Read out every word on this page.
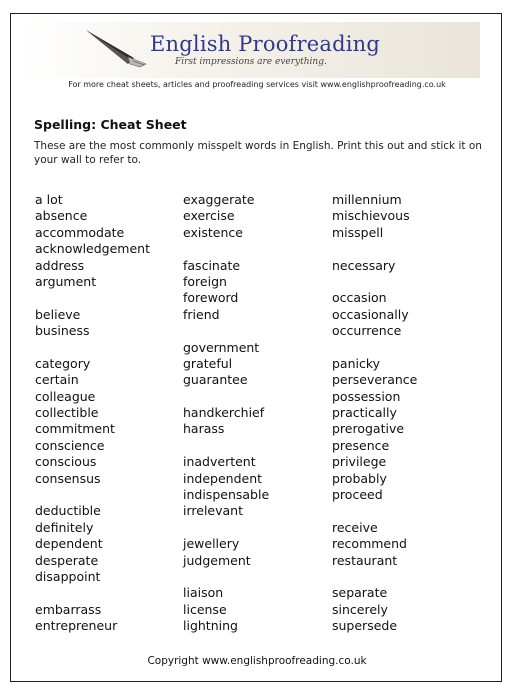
English Proofreading
First impressions are everything.
For more cheat sheets, articles and proofreading services visit www.englishproofreading.co.uk
Spelling: Cheat Sheet
These are the most commonly misspelt words in English. Print this out and stick it on your wall to refer to.
a lot
absence
accommodate
acknowledgement
address
argument
believe
business
category
certain
colleague
collectible
commitment
conscience
conscious
consensus
deductible
definitely
dependent
desperate
disappoint
embarrass
entrepreneur
exaggerate
exercise
existence
fascinate
foreign
foreword
friend
government
grateful
guarantee
handkerchief
harass
inadvertent
independent
indispensable
irrelevant
jewellery
judgement
liaison
license
lightning
millennium
mischievous
misspell
necessary
occasion
occasionally
occurrence
panicky
perseverance
possession
practically
prerogative
presence
privilege
probably
proceed
receive
recommend
restaurant
separate
sincerely
supersede
Copyright www.englishproofreading.co.uk
